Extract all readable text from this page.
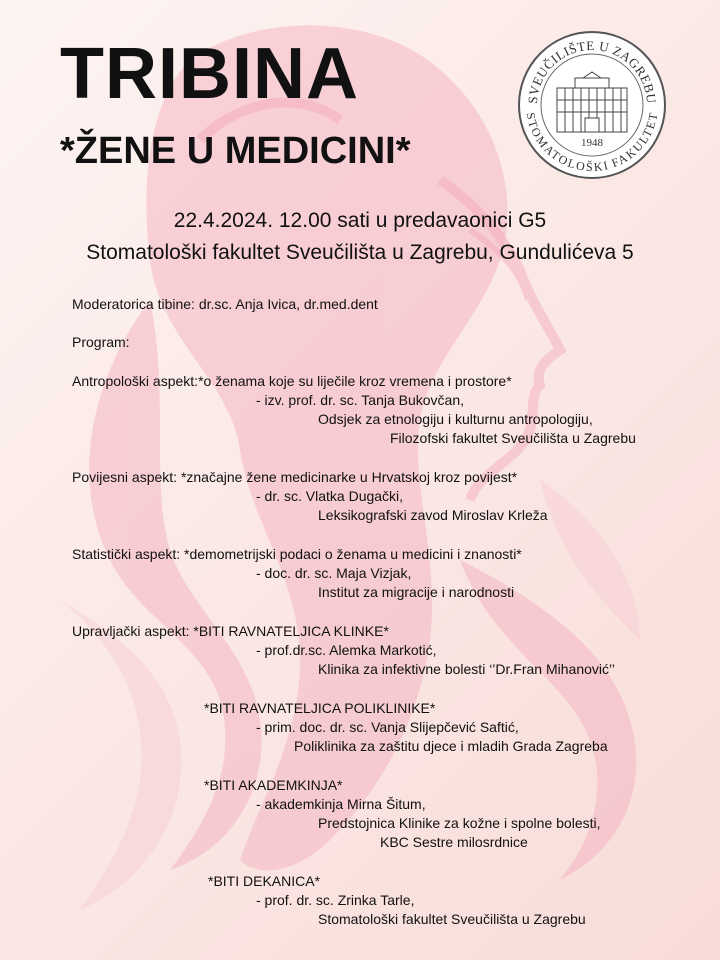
TRIBINA
*ŽENE U MEDICINI*
SVEUČILIŠTE U ZAGREBU
STOMATOLOŠKI FAKULTET
1948
22.4.2024. 12.00 sati u predavaonici G5
Stomatološki fakultet Sveučilišta u Zagrebu, Gundulićeva 5
Moderatorica tibine: dr.sc. Anja Ivica, dr.med.dent
Program:
Antropološki aspekt:*o ženama koje su liječile kroz vremena i prostore*
- izv. prof. dr. sc. Tanja Bukovčan,
Odsjek za etnologiju i kulturnu antropologiju,
Filozofski fakultet Sveučilišta u Zagrebu
Povijesni aspekt: *značajne žene medicinarke u Hrvatskoj kroz povijest*
- dr. sc. Vlatka Dugački,
Leksikografski zavod Miroslav Krleža
Statistički aspekt: *demometrijski podaci o ženama u medicini i znanosti*
- doc. dr. sc. Maja Vizjak,
Institut za migracije i narodnosti
Upravljački aspekt: *BITI RAVNATELJICA KLINKE*
- prof.dr.sc. Alemka Markotić,
Klinika za infektivne bolesti ‘’Dr.Fran Mihanović’’
*BITI RAVNATELJICA POLIKLINIKE*
- prim. doc. dr. sc. Vanja Slijepčević Saftić,
Poliklinika za zaštitu djece i mladih Grada Zagreba
*BITI AKADEMKINJA*
- akademkinja Mirna Šitum,
Predstojnica Klinike za kožne i spolne bolesti,
KBC Sestre milosrdnice
*BITI DEKANICA*
- prof. dr. sc. Zrinka Tarle,
Stomatološki fakultet Sveučilišta u Zagrebu
